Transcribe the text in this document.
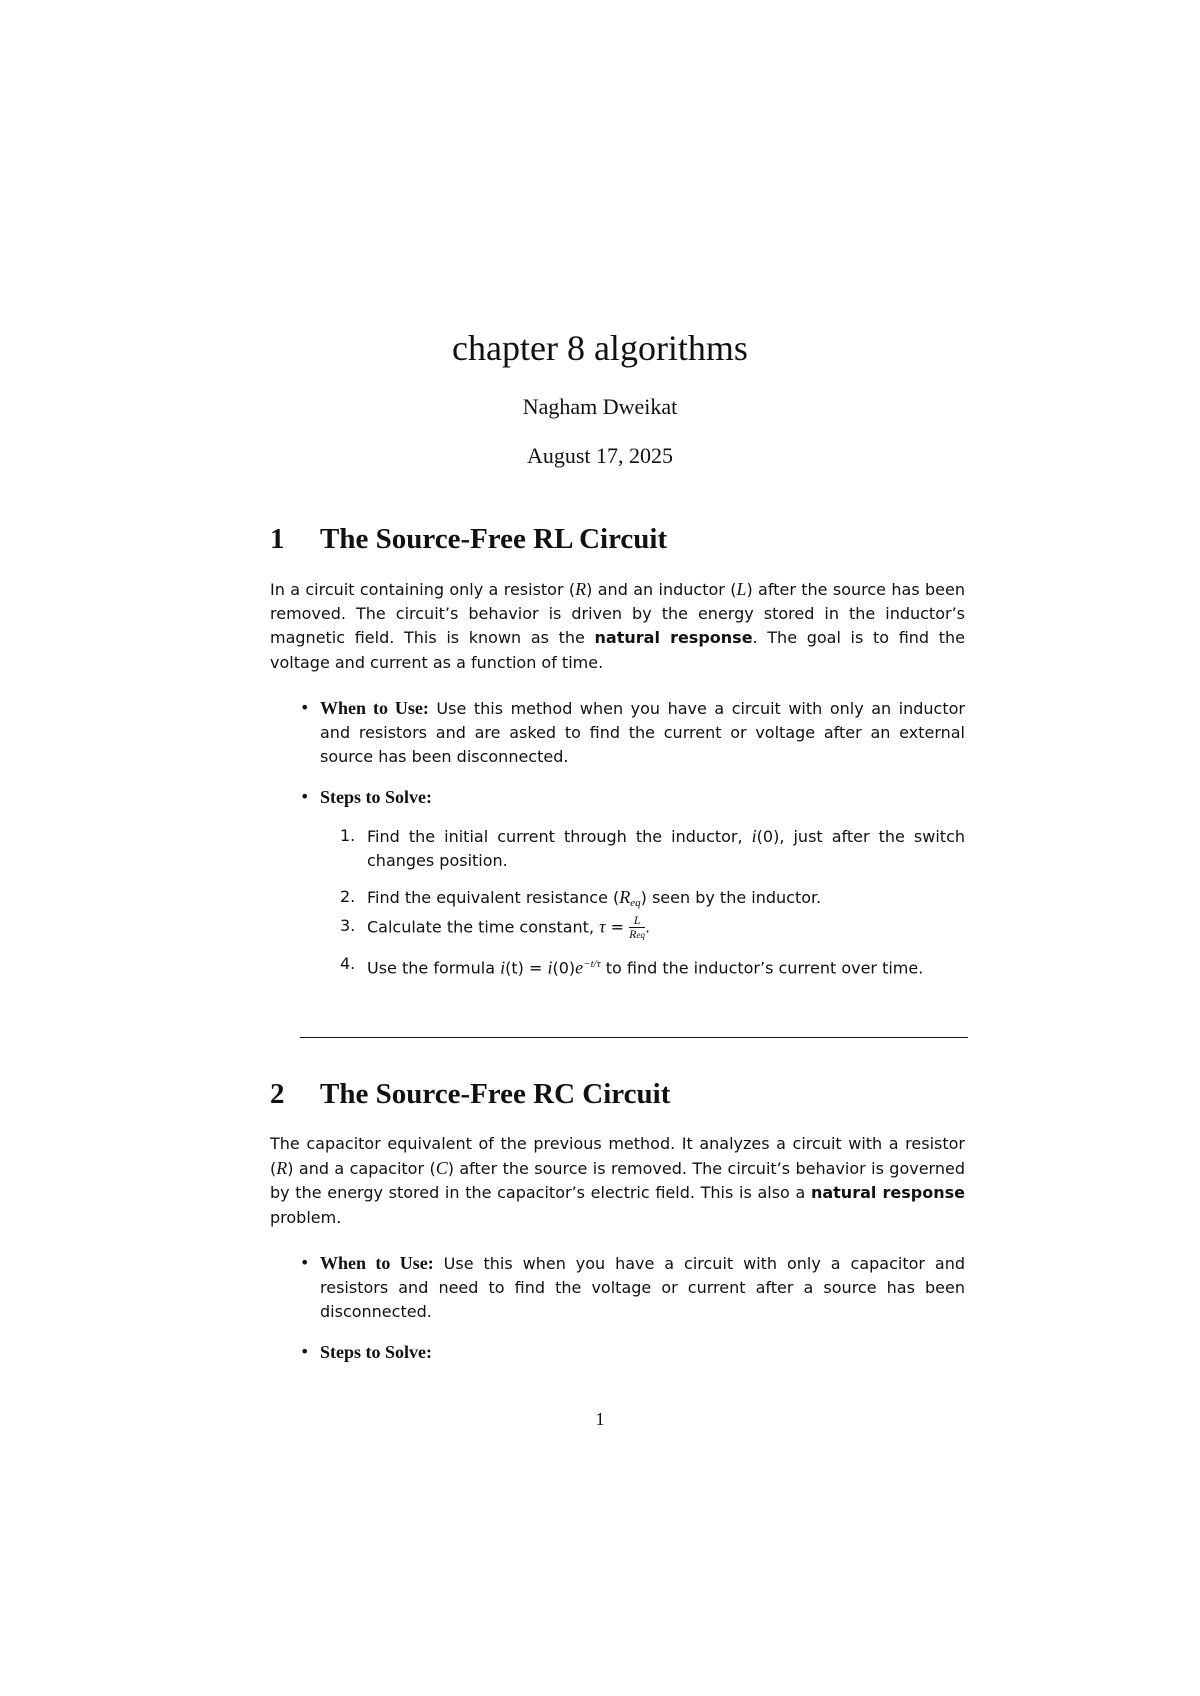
chapter 8 algorithms
Nagham Dweikat
August 17, 2025
1 The Source-Free RL Circuit

In a circuit containing only a resistor (R) and an inductor (L) after the source has been removed. The circuit’s behavior is driven by the energy stored in the inductor’s magnetic field. This is known as the natural response. The goal is to find the voltage and current as a function of time.

• When to Use: Use this method when you have a circuit with only an inductor and resistors and are asked to find the current or voltage after an external source has been disconnected.

• Steps to Solve:

1. Find the initial current through the inductor, i(0), just after the switch changes position.

2. Find the equivalent resistance $(R_{eq})$ seen by the inductor.

3. Calculate the time constant, $\tau = \frac{L}{\text{Req}}$ .

4. Use the formula $i(t) = i(0)e^{-t/\tau}$ to find the inductor’s current over time.

2 The Source-Free RC Circuit

The capacitor equivalent of the previous method. It analyzes a circuit with a resistor (R) and a capacitor (C) after the source is removed. The circuit’s behavior is governed by the energy stored in the capacitor’s electric field. This is also a natural response problem.

• When to Use: Use this when you have a circuit with only a capacitor and resistors and need to find the voltage or current after a source has been disconnected.

• Steps to Solve:

1
